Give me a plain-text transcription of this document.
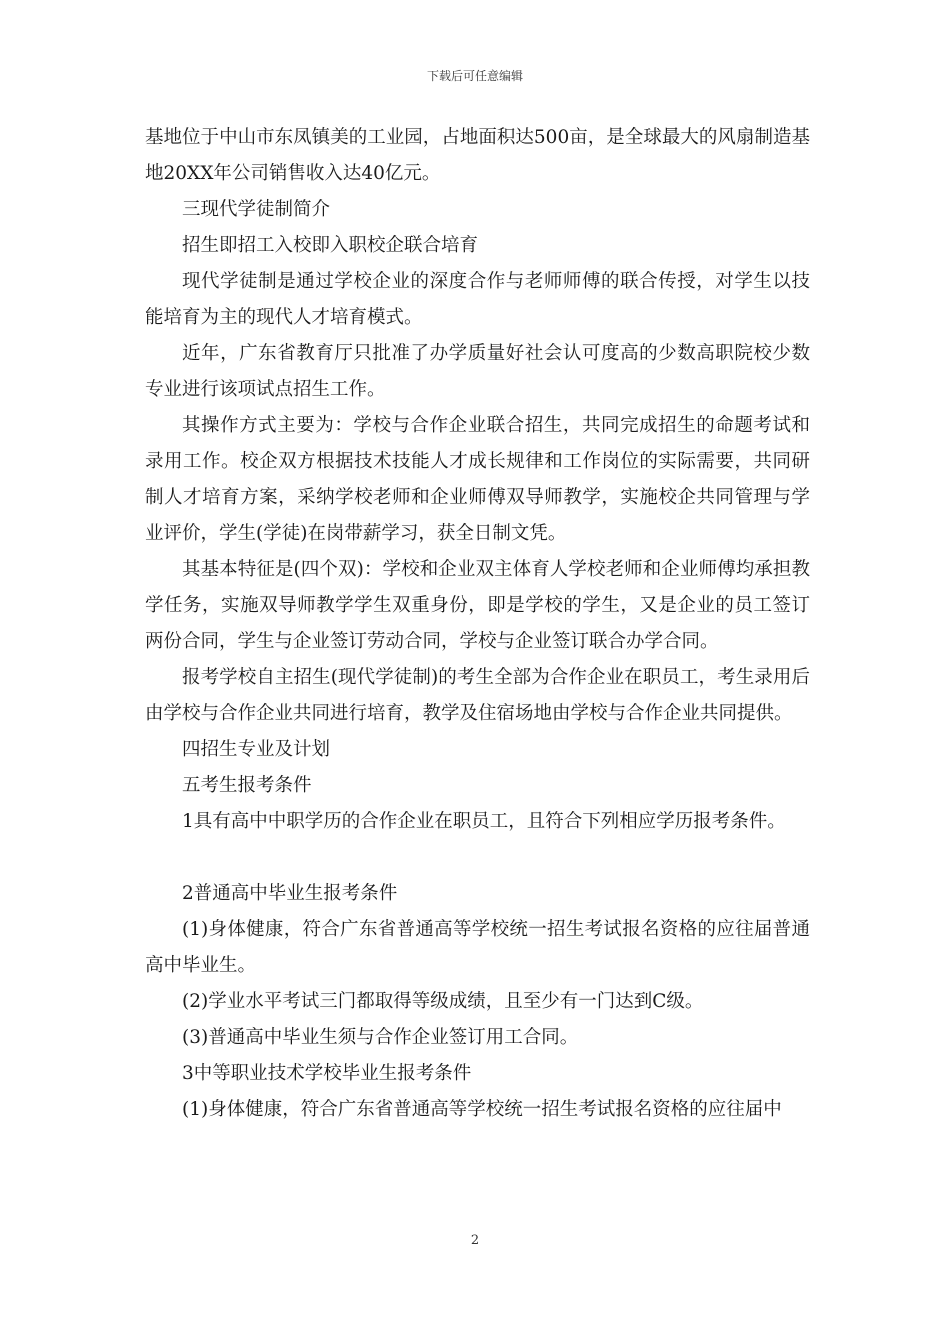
下载后可任意编辑

基地位于中山市东凤镇美的工业园，占地面积达500亩，是全球最大的风扇制造基地20XX年公司销售收入达40亿元。

三现代学徒制简介

招生即招工入校即入职校企联合培育

现代学徒制是通过学校企业的深度合作与老师师傅的联合传授，对学生以技能培育为主的现代人才培育模式。

近年，广东省教育厅只批准了办学质量好社会认可度高的少数高职院校少数专业进行该项试点招生工作。

其操作方式主要为：学校与合作企业联合招生，共同完成招生的命题考试和录用工作。校企双方根据技术技能人才成长规律和工作岗位的实际需要，共同研制人才培育方案，采纳学校老师和企业师傅双导师教学，实施校企共同管理与学业评价，学生(学徒)在岗带薪学习，获全日制文凭。

其基本特征是(四个双)：学校和企业双主体育人学校老师和企业师傅均承担教学任务，实施双导师教学学生双重身份，即是学校的学生，又是企业的员工签订两份合同，学生与企业签订劳动合同，学校与企业签订联合办学合同。

报考学校自主招生(现代学徒制)的考生全部为合作企业在职员工，考生录用后由学校与合作企业共同进行培育，教学及住宿场地由学校与合作企业共同提供。

四招生专业及计划

五考生报考条件

1具有高中中职学历的合作企业在职员工，且符合下列相应学历报考条件。

2普通高中毕业生报考条件

(1)身体健康，符合广东省普通高等学校统一招生考试报名资格的应往届普通高中毕业生。

(2)学业水平考试三门都取得等级成绩，且至少有一门达到C级。

(3)普通高中毕业生须与合作企业签订用工合同。

3中等职业技术学校毕业生报考条件

(1)身体健康，符合广东省普通高等学校统一招生考试报名资格的应往届中

2
